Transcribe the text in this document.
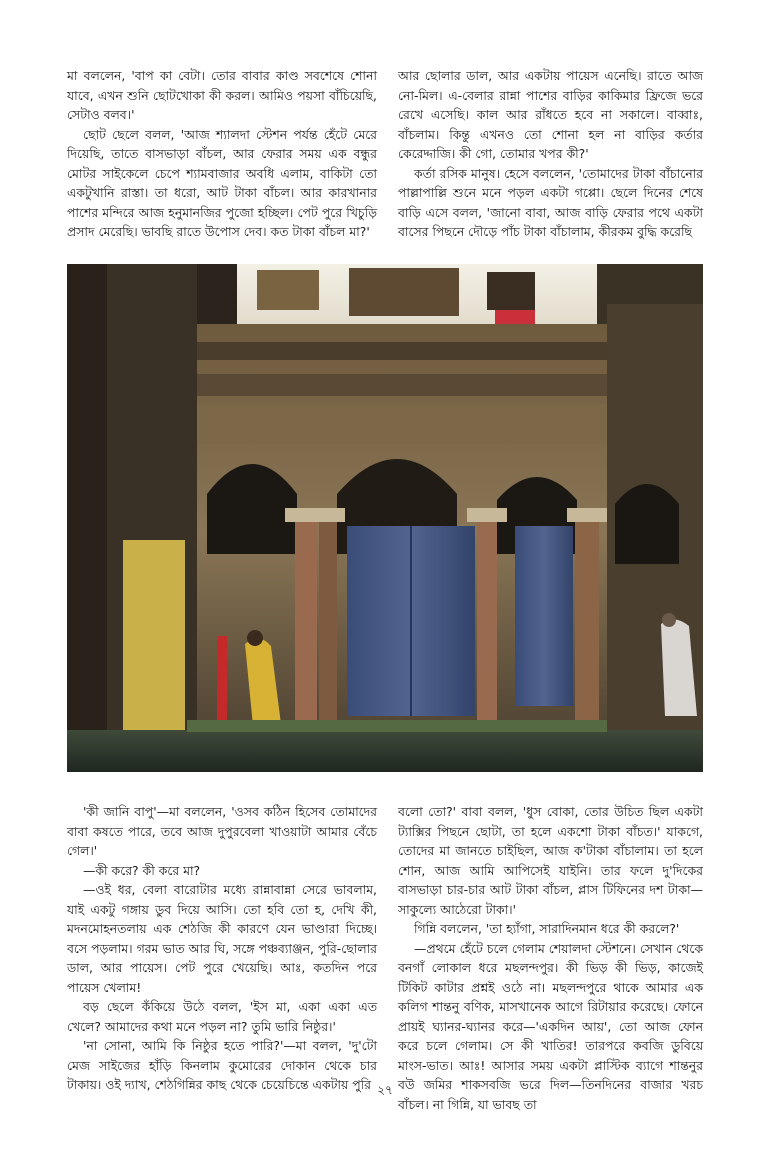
মা বললেন, 'বাপ কা বেটা। তোর বাবার কাণ্ড সবশেষে শোনা যাবে, এখন শুনি ছোটখোকা কী করল। আমিও পয়সা বাঁচিয়েছি, সেটাও বলব।'

ছোট ছেলে বলল, 'আজ শ্যালদা স্টেশন পর্যন্ত হেঁটে মেরে দিয়েছি, তাতে বাসভাড়া বাঁচল, আর ফেরার সময় এক বন্ধুর মোটর সাইকেলে চেপে শ্যামবাজার অবধি এলাম, বাকিটা তো একটুখানি রাস্তা। তা ধরো, আট টাকা বাঁচল। আর কারখানার পাশের মন্দিরে আজ হনুমানজির পুজো হচ্ছিল। পেট পুরে খিচুড়ি প্রসাদ মেরেছি। ভাবছি রাতে উপোস দেব। কত টাকা বাঁচল মা?'

আর ছোলার ডাল, আর একটায় পায়েস এনেছি। রাতে আজ নো-মিল। এ-বেলার রান্না পাশের বাড়ির কাকিমার ফ্রিজে ভরে রেখে এসেছি। কাল আর রাঁধতে হবে না সকালে। বাব্বাঃ, বাঁচলাম। কিন্তু এখনও তো শোনা হল না বাড়ির কর্তার কেরেদ্দাজি। কী গো, তোমার খপর কী?'

কর্তা রসিক মানুষ। হেসে বললেন, 'তোমাদের টাকা বাঁচানোর পাল্লাপাল্লি শুনে মনে পড়ল একটা গপ্পো। ছেলে দিনের শেষে বাড়ি এসে বলল, 'জানো বাবা, আজ বাড়ি ফেরার পথে একটা বাসের পিছনে দৌড়ে পাঁচ টাকা বাঁচালাম, কীরকম বুদ্ধি করেছি

'কী জানি বাপু'—মা বললেন, 'ওসব কঠিন হিসেব তোমাদের বাবা কষতে পারে, তবে আজ দুপুরবেলা খাওয়াটা আমার বেঁচে গেল।'

—কী করে? কী করে মা?

—ওই ধর, বেলা বারোটার মধ্যে রান্নাবান্না সেরে ভাবলাম, যাই একটু গঙ্গায় ডুব দিয়ে আসি। তো হবি তো হ, দেখি কী, মদনমোহনতলায় এক শেঠজি কী কারণে যেন ভাণ্ডারা দিচ্ছে। বসে পড়লাম। গরম ভাত আর ঘি, সঙ্গে পঞ্চব্যাঞ্জন, পুরি-ছোলার ডাল, আর পায়েস। পেট পুরে খেয়েছি। আঃ, কতদিন পরে পায়েস খেলাম!

বড় ছেলে কঁকিয়ে উঠে বলল, 'ইস মা, একা একা এত খেলে? আমাদের কথা মনে পড়ল না? তুমি ভারি নিষ্ঠুর।'

'না সোনা, আমি কি নিষ্ঠুর হতে পারি?'—মা বলল, 'দু'টো মেজ সাইজের হাঁড়ি কিনলাম কুমোরের দোকান থেকে চার টাকায়। ওই দ্যাখ, শেঠগিন্নির কাছ থেকে চেয়েচিন্তে একটায় পুরি

বলো তো?' বাবা বলল, 'ধুস বোকা, তোর উচিত ছিল একটা ট্যাক্সির পিছনে ছোটা, তা হলে একশো টাকা বাঁচত।' যাকগে, তোদের মা জানতে চাইছিল, আজ ক'টাকা বাঁচালাম। তা হলে শোন, আজ আমি আপিসেই যাইনি। তার ফলে দু'দিকের বাসভাড়া চার-চার আট টাকা বাঁচল, প্লাস টিফিনের দশ টাকা—সাকুল্যে আঠেরো টাকা।'

গিন্নি বললেন, 'তা হ্যাঁগা, সারাদিনমান ধরে কী করলে?'

—প্রথমে হেঁটে চলে গেলাম শেয়ালদা স্টেশনে। সেখান থেকে বনগাঁ লোকাল ধরে মছলন্দপুর। কী ভিড় কী ভিড়, কাজেই টিকিট কাটার প্রশ্নই ওঠে না। মছলন্দপুরে থাকে আমার এক কলিগ শান্তনু বণিক, মাসখানেক আগে রিটায়ার করেছে। ফোনে প্রায়ই ঘ্যানর-ঘ্যানর করে—'একদিন আয়', তো আজ ফোন করে চলে গেলাম। সে কী খাতির! তারপরে কবজি ডুবিয়ে মাংস-ভাত। আঃ! আসার সময় একটা প্লাস্টিক ব্যাগে শান্তনুর বউ জমির শাকসবজি ভরে দিল—তিনদিনের বাজার খরচ বাঁচল। না গিন্নি, যা ভাবছ তা

২৭
